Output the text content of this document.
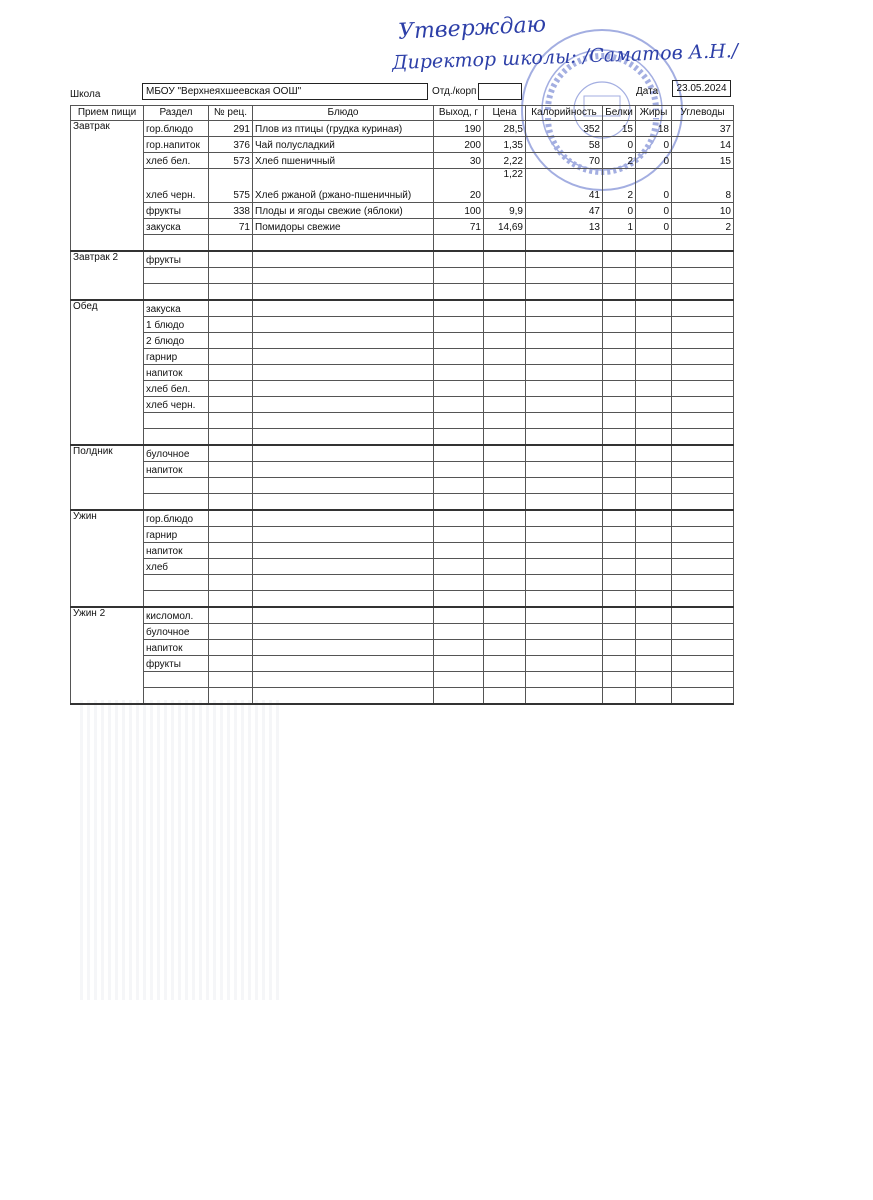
Утверждаю
Директор школы: /Саматов А.Н./
Школа	МБОУ "Верхнеяхшеевская ООШ"	Отд./корп	Дата	23.05.2024
Прием пищи	Раздел	№ рец.	Блюдо	Выход, г	Цена	Калорийность	Белки	Жиры	Углеводы
Завтрак	гор.блюдо	291	Плов из птицы (грудка куриная)	190	28,5	352	15	18	37
	гор.напиток	376	Чай полусладкий	200	1,35	58	0	0	14
	хлеб бел.	573	Хлеб пшеничный	30	2,22	70	2	0	15
	хлеб черн.	575	Хлеб ржаной (ржано-пшеничный)	20	1,22	41	2	0	8
	фрукты	338	Плоды и ягоды свежие (яблоки)	100	9,9	47	0	0	10
	закуска	71	Помидоры свежие	71	14,69	13	1	0	2

Завтрак 2	фрукты								

Обед	закуска								
	1 блюдо								
	2 блюдо								
	гарнир								
	напиток								
	хлеб бел.								
	хлеб черн.								

Полдник	булочное								
	напиток								

Ужин	гор.блюдо								
	гарнир								
	напиток								
	хлеб								

Ужин 2	кисломол.								
	булочное								
	напиток								
	фрукты								
